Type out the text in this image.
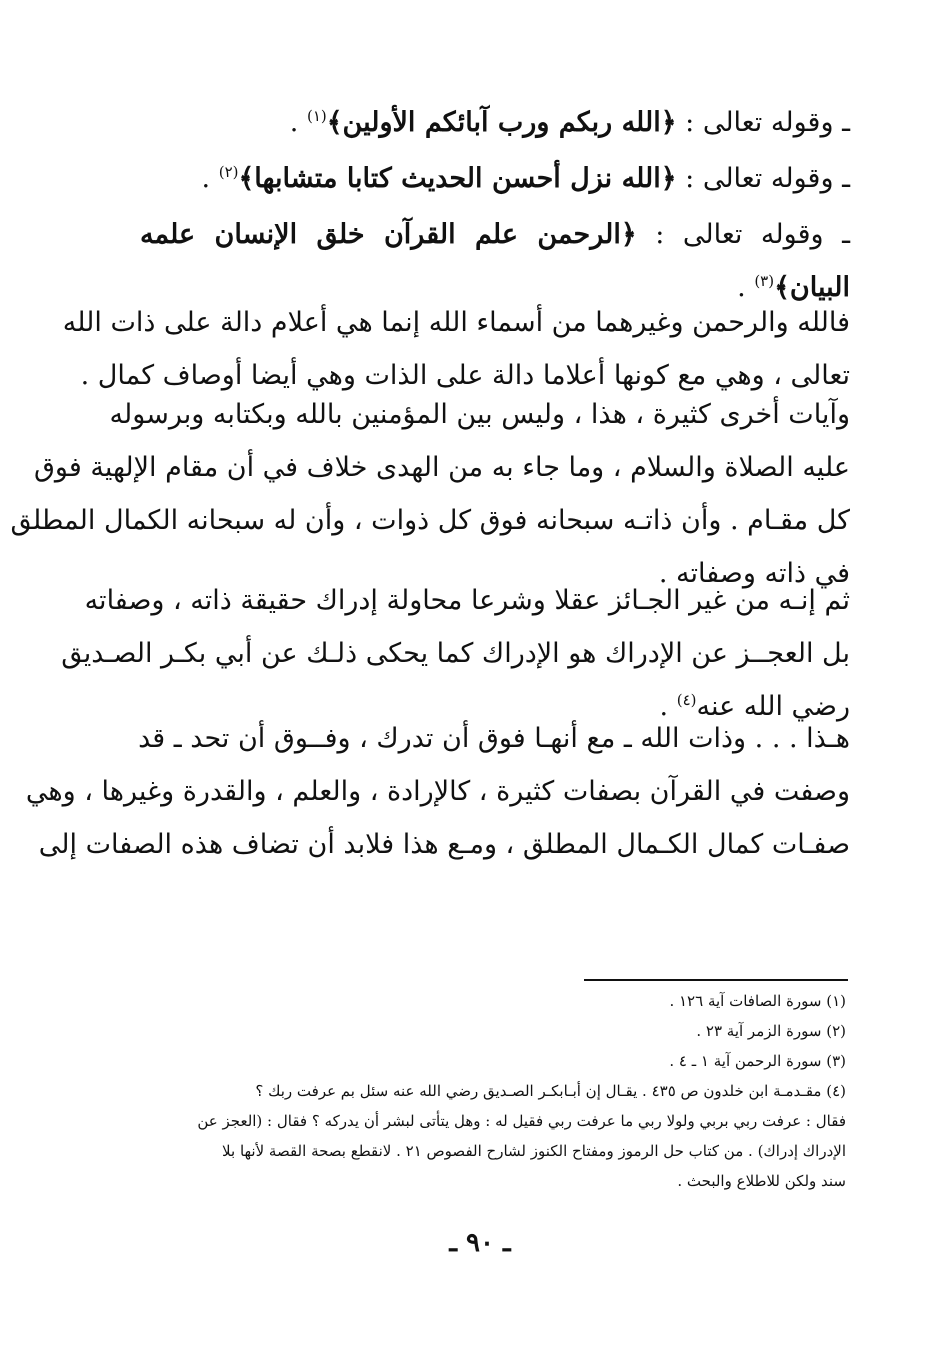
ـ وقوله تعالى : ﴿الله ربكم ورب آبائكم الأولين﴾$^{(١)}$ .
ـ وقوله تعالى : ﴿الله نزل أحسن الحديث كتابا متشابها﴾$^{(٢)}$ .
ـ وقوله تعالى : ﴿الرحمن علم القرآن خلق الإنسان علمه
البيان﴾$^{(٣)}$ .
فالله والرحمن وغيرهما من أسماء الله إنما هي أعلام دالة على ذات الله
تعالى ، وهي مع كونها أعلاما دالة على الذات وهي أيضا أوصاف كمال .
وآيات أخرى كثيرة ، هذا ، وليس بين المؤمنين بالله وبكتابه وبرسوله
عليه الصلاة والسلام ، وما جاء به من الهدى خلاف في أن مقام الإلهية فوق
كل مقـام . وأن ذاتـه سبحانه فوق كل ذوات ، وأن له سبحانه الكمال المطلق
في ذاته وصفاته .
ثم إنـه من غير الجـائز عقلا وشرعا محاولة إدراك حقيقة ذاته ، وصفاته
بل العجــز عن الإدراك هو الإدراك كما يحكى ذلـك عن أبي بكـر الصـديق
رضي الله عنه$^{(٤)}$ .
هـذا . . . وذات الله ـ مع أنهـا فوق أن تدرك ، وفــوق أن تحد ـ قد
وصفت في القرآن بصفات كثيرة ، كالإرادة ، والعلم ، والقدرة وغيرها ، وهي
صفـات كمال الكـمال المطلق ، ومـع هذا فلابد أن تضاف هذه الصفات إلى
(١) سورة الصافات آية ١٢٦ .
(٢) سورة الزمر آية ٢٣ .
(٣) سورة الرحمن آية ١ ـ ٤ .
(٤) مقـدمـة ابن خلدون ص ٤٣٥ . يقـال إن أبـابكـر الصـديق رضي الله عنه سئل بم عرفت ربك ؟
فقال : عرفت ربي بربي ولولا ربي ما عرفت ربي فقيل له : وهل يتأتى لبشر أن يدركه ؟ فقال : (العجز عن
الإدراك إدراك) . من كتاب حل الرموز ومفتاح الكنوز لشارح الفصوص ٢١ . لانقطع بصحة القصة لأنها بلا
سند ولكن للاطلاع والبحث .
ـ ٩٠ ـ
